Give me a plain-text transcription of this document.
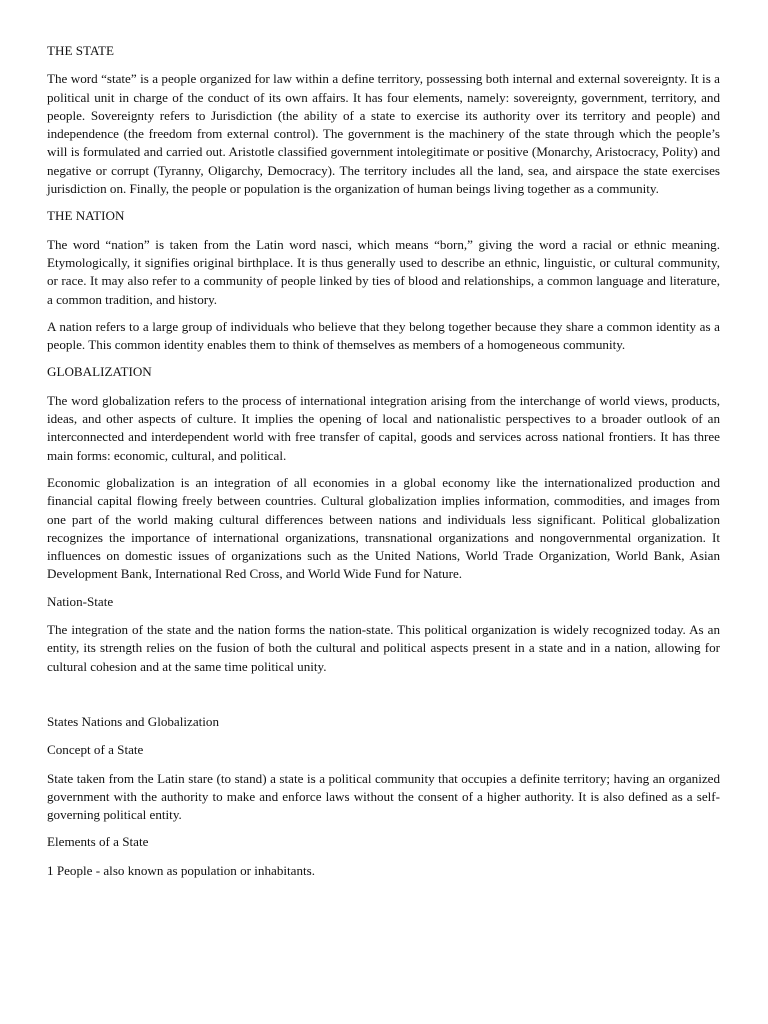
THE STATE

The word “state” is a people organized for law within a define territory, possessing both internal and external sovereignty. It is a political unit in charge of the conduct of its own affairs. It has four elements, namely: sovereignty, government, territory, and people. Sovereignty refers to Jurisdiction (the ability of a state to exercise its authority over its territory and people) and independence (the freedom from external control). The government is the machinery of the state through which the people’s will is formulated and carried out. Aristotle classified government intolegitimate or positive (Monarchy, Aristocracy, Polity) and negative or corrupt (Tyranny, Oligarchy, Democracy). The territory includes all the land, sea, and airspace the state exercises jurisdiction on. Finally, the people or population is the organization of human beings living together as a community.

THE NATION

The word “nation” is taken from the Latin word nasci, which means “born,” giving the word a racial or ethnic meaning. Etymologically, it signifies original birthplace. It is thus generally used to describe an ethnic, linguistic, or cultural community, or race. It may also refer to a community of people linked by ties of blood and relationships, a common language and literature, a common tradition, and history.

A nation refers to a large group of individuals who believe that they belong together because they share a common identity as a people. This common identity enables them to think of themselves as members of a homogeneous community.

GLOBALIZATION

The word globalization refers to the process of international integration arising from the interchange of world views, products, ideas, and other aspects of culture. It implies the opening of local and nationalistic perspectives to a broader outlook of an interconnected and interdependent world with free transfer of capital, goods and services across national frontiers. It has three main forms: economic, cultural, and political.

Economic globalization is an integration of all economies in a global economy like the internationalized production and financial capital flowing freely between countries. Cultural globalization implies information, commodities, and images from one part of the world making cultural differences between nations and individuals less significant. Political globalization recognizes the importance of international organizations, transnational organizations and nongovernmental organization. It influences on domestic issues of organizations such as the United Nations, World Trade Organization, World Bank, Asian Development Bank, International Red Cross, and World Wide Fund for Nature.

Nation-State

The integration of the state and the nation forms the nation-state. This political organization is widely recognized today. As an entity, its strength relies on the fusion of both the cultural and political aspects present in a state and in a nation, allowing for cultural cohesion and at the same time political unity.

States Nations and Globalization
Concept of a State

State taken from the Latin stare (to stand) a state is a political community that occupies a definite territory; having an organized government with the authority to make and enforce laws without the consent of a higher authority. It is also defined as a self-governing political entity.

Elements of a State
1 People - also known as population or inhabitants.
